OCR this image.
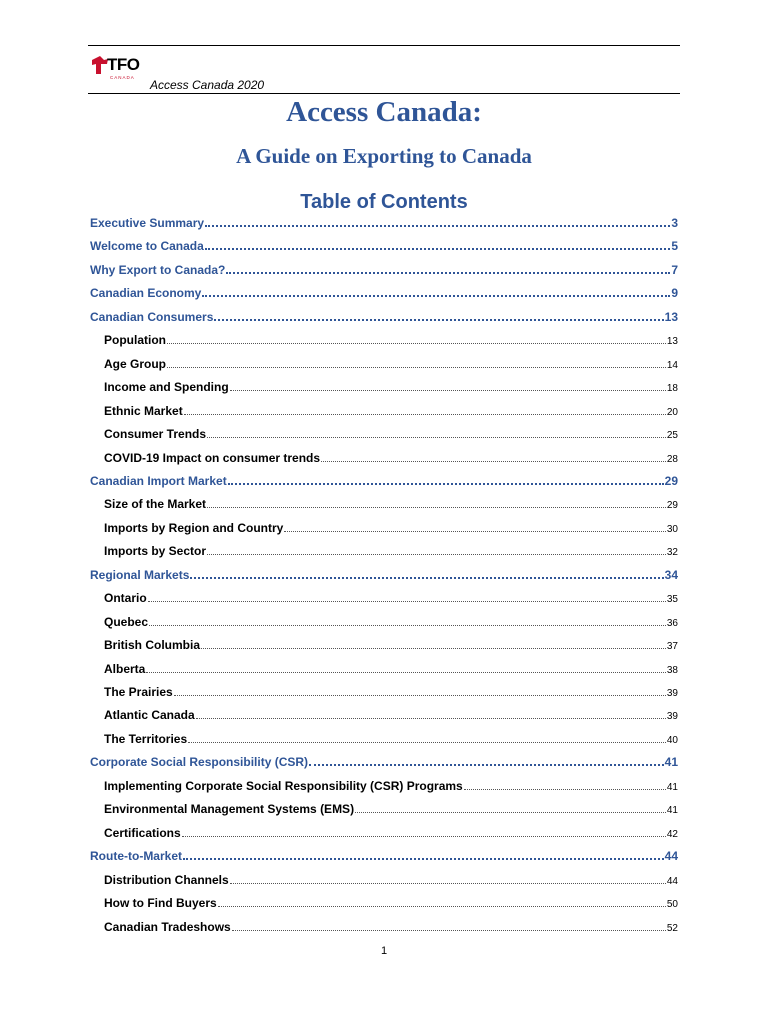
TFO
CANADA
Access Canada 2020
Access Canada:
A Guide on Exporting to Canada
Table of Contents
Executive Summary	3
Welcome to Canada	5
Why Export to Canada?	7
Canadian Economy	9
Canadian Consumers	13
Population	13
Age Group	14
Income and Spending	18
Ethnic Market	20
Consumer Trends	25
COVID-19 Impact on consumer trends	28
Canadian Import Market	29
Size of the Market	29
Imports by Region and Country	30
Imports by Sector	32
Regional Markets	34
Ontario	35
Quebec	36
British Columbia	37
Alberta	38
The Prairies	39
Atlantic Canada	39
The Territories	40
Corporate Social Responsibility (CSR)	41
Implementing Corporate Social Responsibility (CSR) Programs	41
Environmental Management Systems (EMS)	41
Certifications	42
Route-to-Market	44
Distribution Channels	44
How to Find Buyers	50
Canadian Tradeshows	52
1
